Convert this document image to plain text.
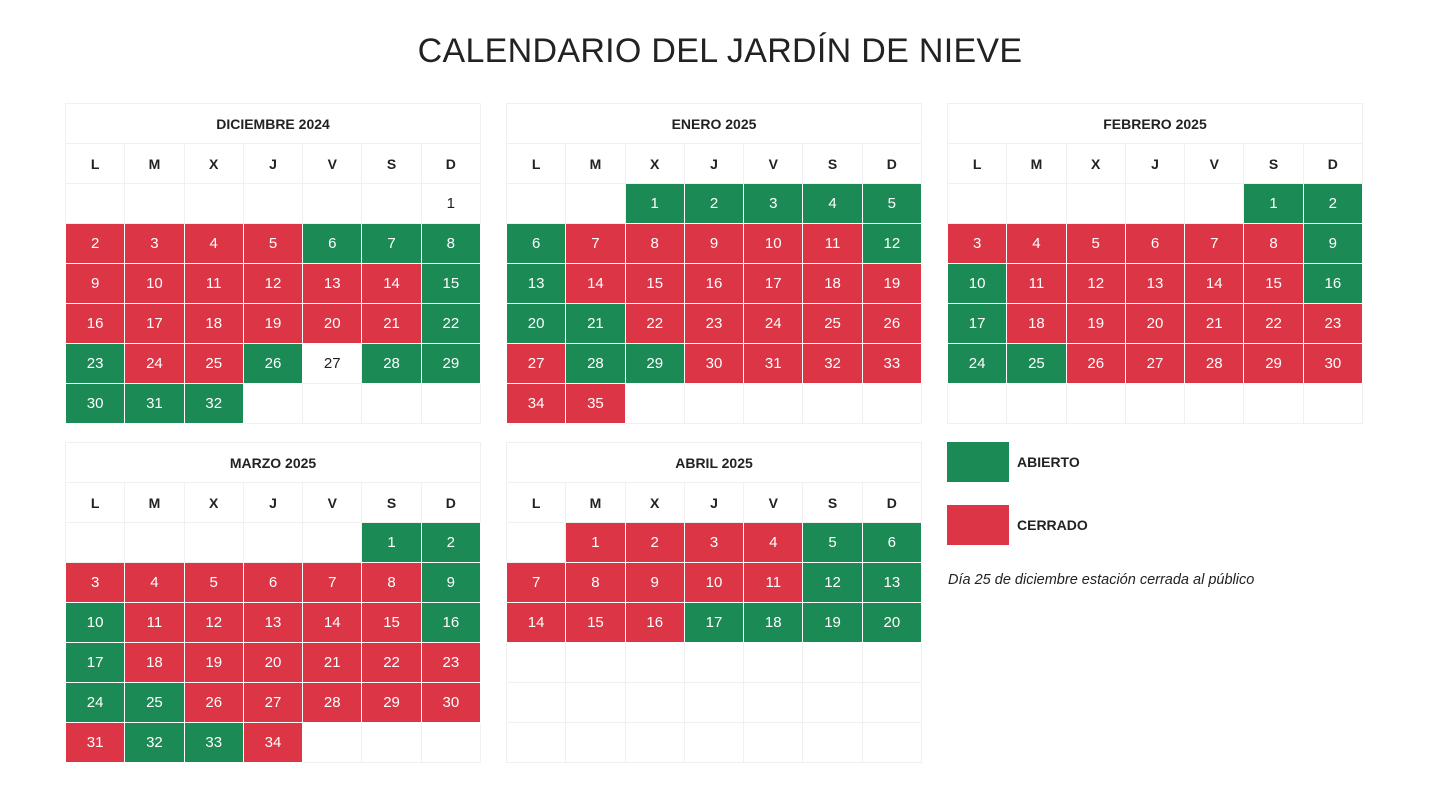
CALENDARIO DEL JARDÍN DE NIEVE
DICIEMBRE 2024						
L	M	X	J	V	S	D
						1
2	3	4	5	6	7	8
9	10	11	12	13	14	15
16	17	18	19	20	21	22
23	24	25	26	27	28	29
30	31	32				
ENERO 2025						
L	M	X	J	V	S	D
		1	2	3	4	5
6	7	8	9	10	11	12
13	14	15	16	17	18	19
20	21	22	23	24	25	26
27	28	29	30	31	32	33
34	35					
FEBRERO 2025						
L	M	X	J	V	S	D
					1	2
3	4	5	6	7	8	9
10	11	12	13	14	15	16
17	18	19	20	21	22	23
24	25	26	27	28	29	30

MARZO 2025						
L	M	X	J	V	S	D
					1	2
3	4	5	6	7	8	9
10	11	12	13	14	15	16
17	18	19	20	21	22	23
24	25	26	27	28	29	30
31	32	33	34			
ABRIL 2025						
L	M	X	J	V	S	D
	1	2	3	4	5	6
7	8	9	10	11	12	13
14	15	16	17	18	19	20

ABIERTO
CERRADO
Día 25 de diciembre estación cerrada al público
